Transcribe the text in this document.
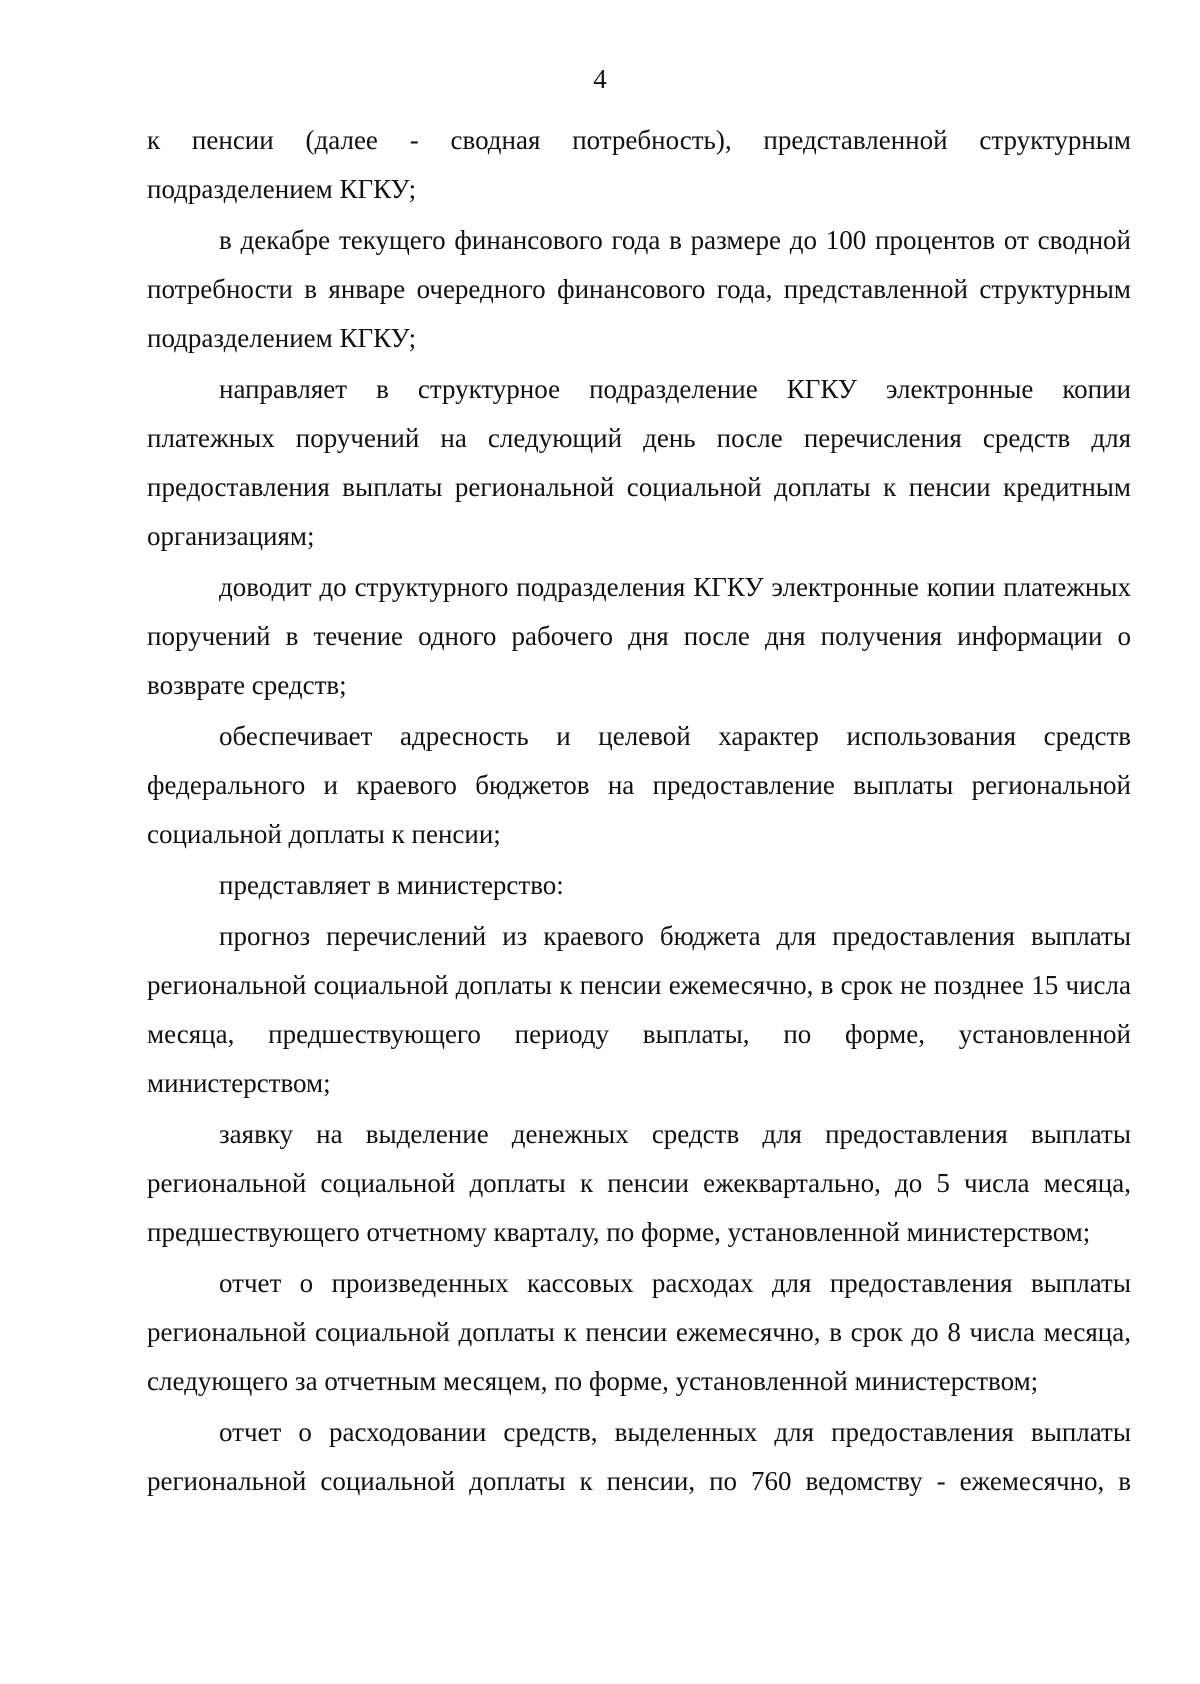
4

к пенсии (далее - сводная потребность), представленной структурным подразделением КГКУ;

в декабре текущего финансового года в размере до 100 процентов от сводной потребности в январе очередного финансового года, представленной структурным подразделением КГКУ;

направляет в структурное подразделение КГКУ электронные копии платежных поручений на следующий день после перечисления средств для предоставления выплаты региональной социальной доплаты к пенсии кредитным организациям;

доводит до структурного подразделения КГКУ электронные копии платежных поручений в течение одного рабочего дня после дня получения информации о возврате средств;

обеспечивает адресность и целевой характер использования средств федерального и краевого бюджетов на предоставление выплаты региональной социальной доплаты к пенсии;

представляет в министерство:

прогноз перечислений из краевого бюджета для предоставления выплаты региональной социальной доплаты к пенсии ежемесячно, в срок не позднее 15 числа месяца, предшествующего периоду выплаты, по форме, установленной министерством;

заявку на выделение денежных средств для предоставления выплаты региональной социальной доплаты к пенсии ежеквартально, до 5 числа месяца, предшествующего отчетному кварталу, по форме, установленной министерством;

отчет о произведенных кассовых расходах для предоставления выплаты региональной социальной доплаты к пенсии ежемесячно, в срок до 8 числа месяца, следующего за отчетным месяцем, по форме, установленной министерством;

отчет о расходовании средств, выделенных для предоставления выплаты региональной социальной доплаты к пенсии, по 760 ведомству - ежемесячно, в
